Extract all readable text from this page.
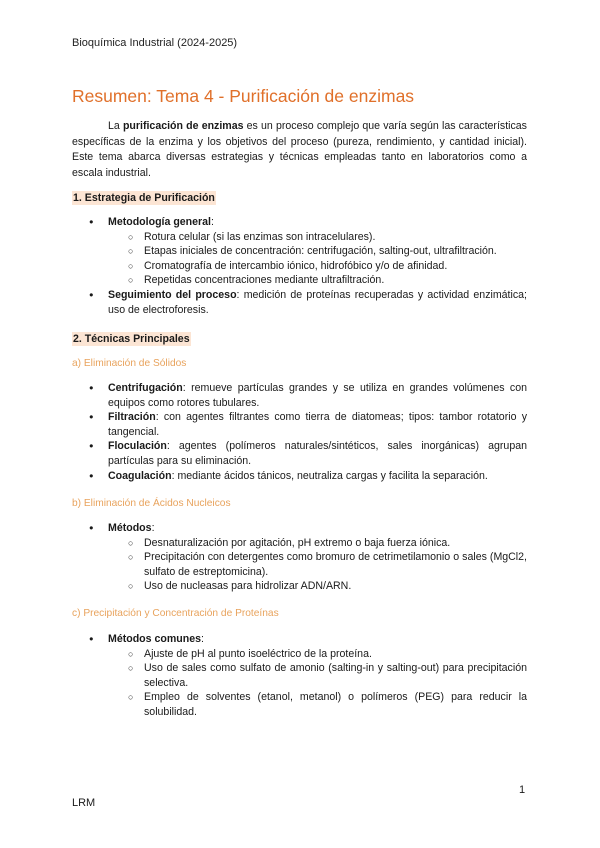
Bioquímica Industrial (2024-2025)
Resumen: Tema 4 - Purificación de enzimas

La purificación de enzimas es un proceso complejo que varía según las características específicas de la enzima y los objetivos del proceso (pureza, rendimiento, y cantidad inicial). Este tema abarca diversas estrategias y técnicas empleadas tanto en laboratorios como a escala industrial.

1. Estrategia de Purificación
● Metodología general:
○ Rotura celular (si las enzimas son intracelulares).
○ Etapas iniciales de concentración: centrifugación, salting-out, ultrafiltración.
○ Cromatografía de intercambio iónico, hidrofóbico y/o de afinidad.
○ Repetidas concentraciones mediante ultrafiltración.
● Seguimiento del proceso: medición de proteínas recuperadas y actividad enzimática; uso de electroforesis.
2. Técnicas Principales
a) Eliminación de Sólidos
● Centrifugación: remueve partículas grandes y se utiliza en grandes volúmenes con equipos como rotores tubulares.
● Filtración: con agentes filtrantes como tierra de diatomeas; tipos: tambor rotatorio y tangencial.
● Floculación: agentes (polímeros naturales/sintéticos, sales inorgánicas) agrupan partículas para su eliminación.
● Coagulación: mediante ácidos tánicos, neutraliza cargas y facilita la separación.
b) Eliminación de Ácidos Nucleicos
● Métodos:
○ Desnaturalización por agitación, pH extremo o baja fuerza iónica.
○ Precipitación con detergentes como bromuro de cetrimetilamonio o sales (MgCl2, sulfato de estreptomicina).
○ Uso de nucleasas para hidrolizar ADN/ARN.
c) Precipitación y Concentración de Proteínas
● Métodos comunes:
○ Ajuste de pH al punto isoeléctrico de la proteína.
○ Uso de sales como sulfato de amonio (salting-in y salting-out) para precipitación selectiva.
○ Empleo de solventes (etanol, metanol) o polímeros (PEG) para reducir la solubilidad.
1
LRM
